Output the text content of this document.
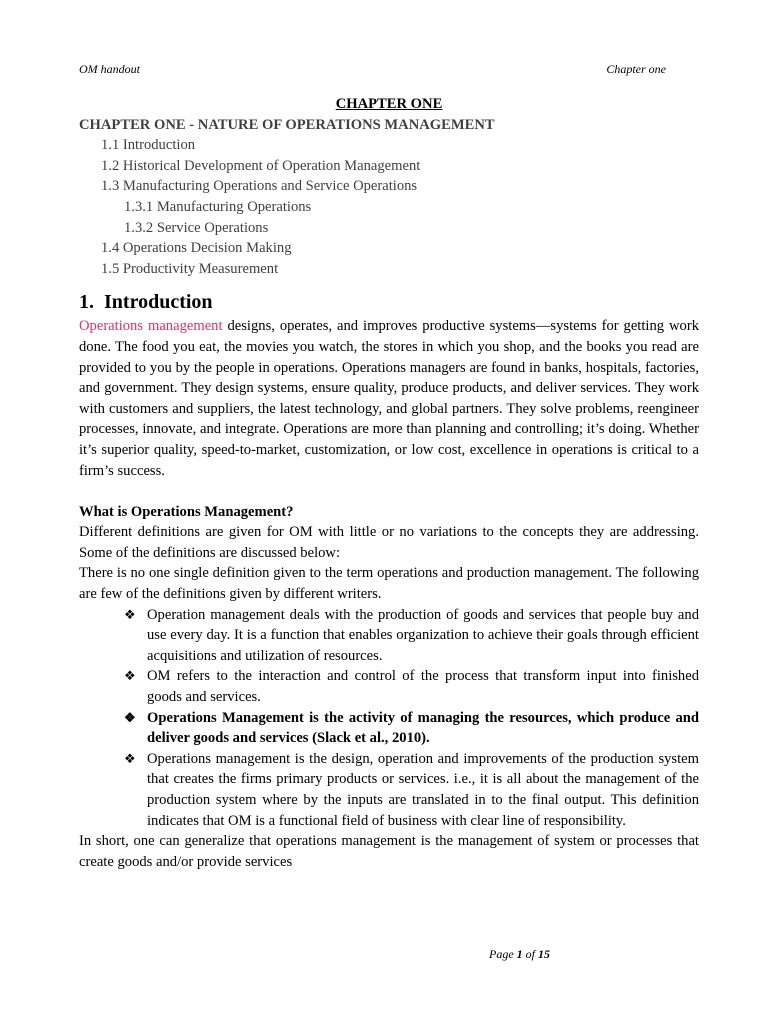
OM handout	Chapter one

CHAPTER ONE

CHAPTER ONE - NATURE OF OPERATIONS MANAGEMENT

1.1 Introduction
1.2 Historical Development of Operation Management
1.3 Manufacturing Operations and Service Operations
1.3.1 Manufacturing Operations
1.3.2 Service Operations
1.4 Operations Decision Making
1.5 Productivity Measurement
1.  Introduction

Operations management designs, operates, and improves productive systems—systems for getting work done. The food you eat, the movies you watch, the stores in which you shop, and the books you read are provided to you by the people in operations. Operations managers are found in banks, hospitals, factories, and government. They design systems, ensure quality, produce products, and deliver services. They work with customers and suppliers, the latest technology, and global partners. They solve problems, reengineer processes, innovate, and integrate. Operations are more than planning and controlling; it’s doing. Whether it’s superior quality, speed-to-market, customization, or low cost, excellence in operations is critical to a firm’s success.

What is Operations Management?

Different definitions are given for OM with little or no variations to the concepts they are addressing. Some of the definitions are discussed below:

There is no one single definition given to the term operations and production management. The following are few of the definitions given by different writers.

❖ Operation management deals with the production of goods and services that people buy and use every day. It is a function that enables organization to achieve their goals through efficient acquisitions and utilization of resources.
❖ OM refers to the interaction and control of the process that transform input into finished goods and services.
❖ Operations Management is the activity of managing the resources, which produce and deliver goods and services (Slack et al., 2010).
❖ Operations management is the design, operation and improvements of the production system that creates the firms primary products or services. i.e., it is all about the management of the production system where by the inputs are translated in to the final output. This definition indicates that OM is a functional field of business with clear line of responsibility.

In short, one can generalize that operations management is the management of system or processes that create goods and/or provide services

Page 1 of 15
